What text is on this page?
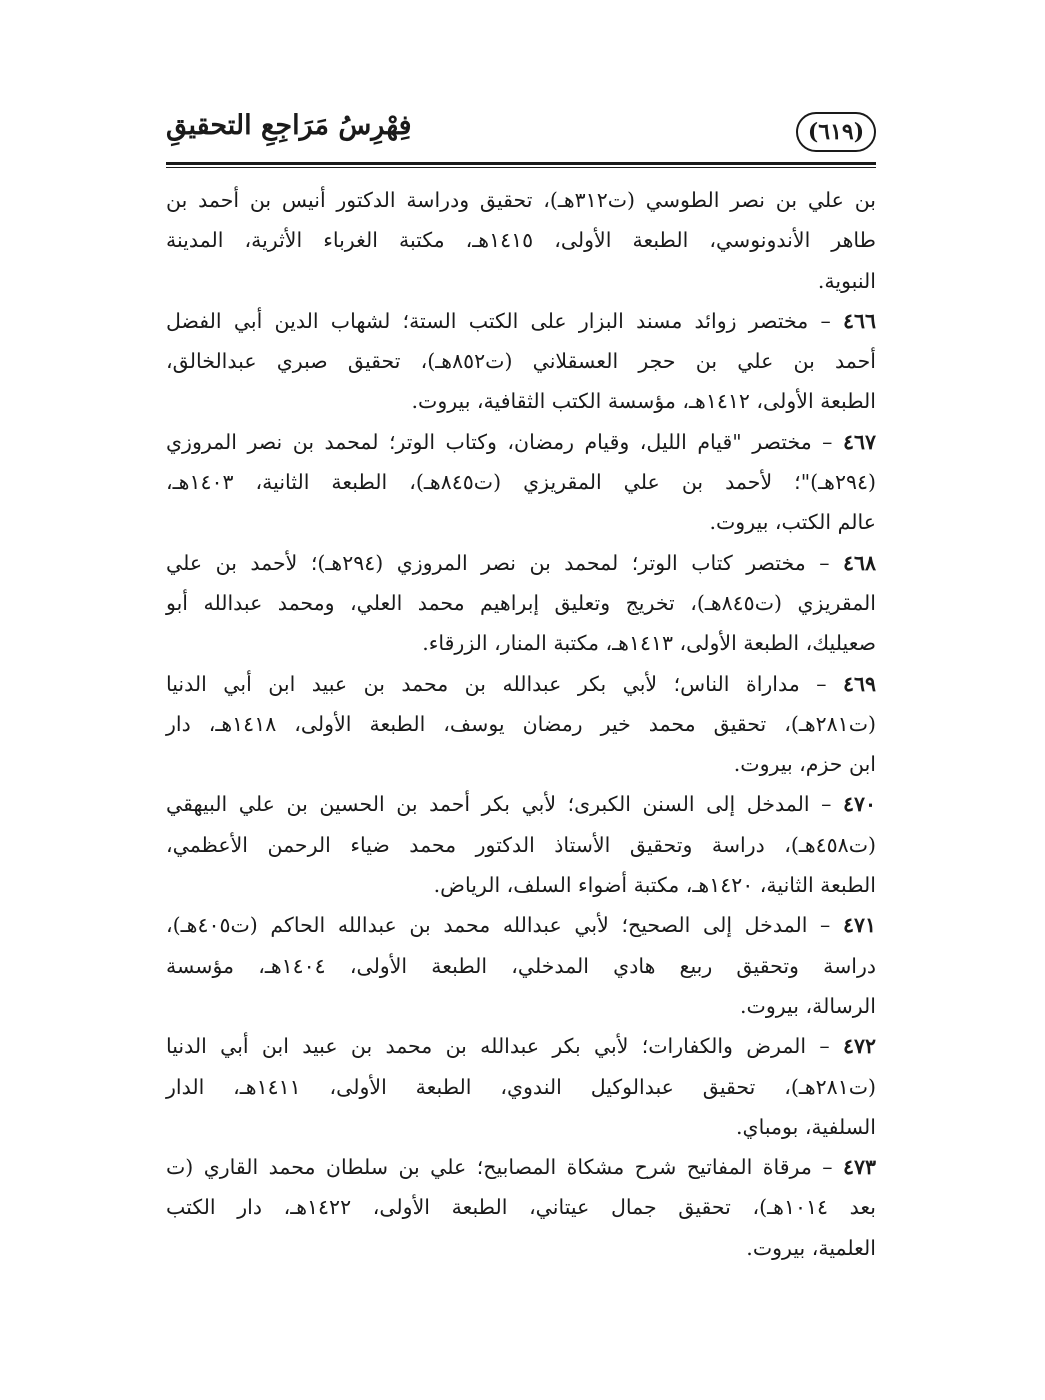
(٦١٩)
فِهْرِسُ مَرَاجِعِ التحقيقِ

بن علي بن نصر الطوسي (ت٣١٢هـ)، تحقيق ودراسة الدكتور أنيس بن أحمد بن
طاهر الأندونوسي، الطبعة الأولى، ١٤١٥هـ، مكتبة الغرباء الأثرية، المدينة
النبوية.

٤٦٦ – مختصر زوائد مسند البزار على الكتب الستة؛ لشهاب الدين أبي الفضل
أحمد بن علي بن حجر العسقلاني (ت٨٥٢هـ)، تحقيق صبري عبدالخالق،
الطبعة الأولى، ١٤١٢هـ، مؤسسة الكتب الثقافية، بيروت.

٤٦٧ – مختصر "قيام الليل، وقيام رمضان، وكتاب الوتر؛ لمحمد بن نصر المروزي
(٢٩٤هـ)"؛ لأحمد بن علي المقريزي (ت٨٤٥هـ)، الطبعة الثانية، ١٤٠٣هـ،
عالم الكتب، بيروت.

٤٦٨ – مختصر كتاب الوتر؛ لمحمد بن نصر المروزي (٢٩٤هـ)؛ لأحمد بن علي
المقريزي (ت٨٤٥هـ)، تخريج وتعليق إبراهيم محمد العلي، ومحمد عبدالله أبو
صعيليك، الطبعة الأولى، ١٤١٣هـ، مكتبة المنار، الزرقاء.

٤٦٩ – مداراة الناس؛ لأبي بكر عبدالله بن محمد بن عبيد ابن أبي الدنيا
(ت٢٨١هـ)، تحقيق محمد خير رمضان يوسف، الطبعة الأولى، ١٤١٨هـ، دار
ابن حزم، بيروت.

٤٧٠ – المدخل إلى السنن الكبرى؛ لأبي بكر أحمد بن الحسين بن علي البيهقي
(ت٤٥٨هـ)، دراسة وتحقيق الأستاذ الدكتور محمد ضياء الرحمن الأعظمي،
الطبعة الثانية، ١٤٢٠هـ، مكتبة أضواء السلف، الرياض.

٤٧١ – المدخل إلى الصحيح؛ لأبي عبدالله محمد بن عبدالله الحاكم (ت٤٠٥هـ)،
دراسة وتحقيق ربيع هادي المدخلي، الطبعة الأولى، ١٤٠٤هـ، مؤسسة
الرسالة، بيروت.

٤٧٢ – المرض والكفارات؛ لأبي بكر عبدالله بن محمد بن عبيد ابن أبي الدنيا
(ت٢٨١هـ)، تحقيق عبدالوكيل الندوي، الطبعة الأولى، ١٤١١هـ، الدار
السلفية، بومباي.

٤٧٣ – مرقاة المفاتيح شرح مشكاة المصابيح؛ علي بن سلطان محمد القاري (ت
بعد ١٠١٤هـ)، تحقيق جمال عيتاني، الطبعة الأولى، ١٤٢٢هـ، دار الكتب
العلمية، بيروت.
